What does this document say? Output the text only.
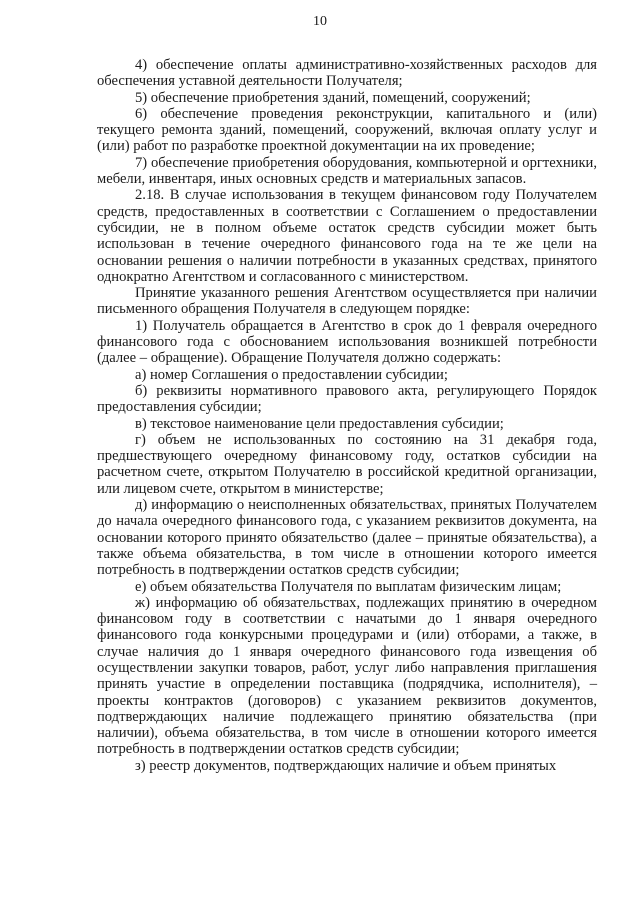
10

4) обеспечение оплаты административно-хозяйственных расходов для обеспечения уставной деятельности Получателя;

5) обеспечение приобретения зданий, помещений, сооружений;

6) обеспечение проведения реконструкции, капитального и (или) текущего ремонта зданий, помещений, сооружений, включая оплату услуг и (или) работ по разработке проектной документации на их проведение;

7) обеспечение приобретения оборудования, компьютерной и оргтехники, мебели, инвентаря, иных основных средств и материальных запасов.

2.18. В случае использования в текущем финансовом году Получателем средств, предоставленных в соответствии с Соглашением о предоставлении субсидии, не в полном объеме остаток средств субсидии может быть использован в течение очередного финансового года на те же цели на основании решения о наличии потребности в указанных средствах, принятого однократно Агентством и согласованного с министерством.

Принятие указанного решения Агентством осуществляется при наличии письменного обращения Получателя в следующем порядке:

1) Получатель обращается в Агентство в срок до 1 февраля очередного финансового года с обоснованием использования возникшей потребности (далее – обращение). Обращение Получателя должно содержать:

а) номер Соглашения о предоставлении субсидии;

б) реквизиты нормативного правового акта, регулирующего Порядок предоставления субсидии;

в) текстовое наименование цели предоставления субсидии;

г) объем не использованных по состоянию на 31 декабря года, предшествующего очередному финансовому году, остатков субсидии на расчетном счете, открытом Получателю в российской кредитной организации, или лицевом счете, открытом в министерстве;

д) информацию о неисполненных обязательствах, принятых Получателем до начала очередного финансового года, с указанием реквизитов документа, на основании которого принято обязательство (далее – принятые обязательства), а также объема обязательства, в том числе в отношении которого имеется потребность в подтверждении остатков средств субсидии;

е) объем обязательства Получателя по выплатам физическим лицам;

ж) информацию об обязательствах, подлежащих принятию в очередном финансовом году в соответствии с начатыми до 1 января очередного финансового года конкурсными процедурами и (или) отборами, а также, в случае наличия до 1 января очередного финансового года извещения об осуществлении закупки товаров, работ, услуг либо направления приглашения принять участие в определении поставщика (подрядчика, исполнителя), – проекты контрактов (договоров) с указанием реквизитов документов, подтверждающих наличие подлежащего принятию обязательства (при наличии), объема обязательства, в том числе в отношении которого имеется потребность в подтверждении остатков средств субсидии;

з) реестр документов, подтверждающих наличие и объем принятых
